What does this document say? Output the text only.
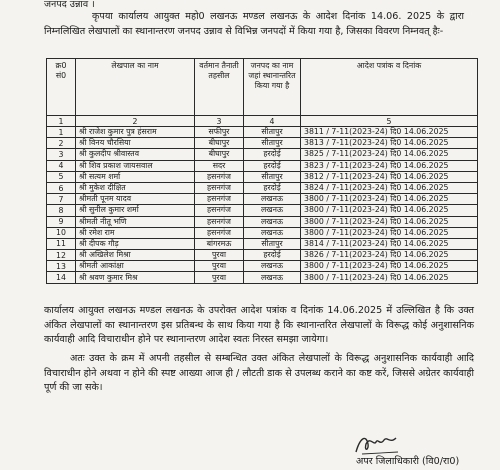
जनपद उन्नाव ।
कृपया कार्यालय आयुक्त महो0 लखनऊ मण्डल लखनऊ के आदेश दिनांक 14.06. 2025 के द्वारा निम्नलिखित लेखपालों का स्थानान्तरण जनपद उन्नाव से विभिन्न जनपदों में किया गया है, जिसका विवरण निम्नवत् हैः-
क्र0 सं0	लेखपाल का नाम	वर्तमान तैनाती तहसील	जनपद का नाम जहां स्थानान्तरित किया गया है	आदेश पत्रांक व दिनांक
1	2	3	4	5
1	श्री राजेश कुमार पुत्र हंसराम	सफीपुर	सीतापुर	3811 / 7-11(2023-24) दि0 14.06.2025
2	श्री विनय चौरसिया	बीघापुर	सीतापुर	3813 / 7-11(2023-24) दि0 14.06.2025
3	श्री कुलदीप श्रीवास्तव	बीघापुर	हरदोई	3825 / 7-11(2023-24) दि0 14.06.2025
4	श्री शिव प्रकाश जायसवाल	सदर	हरदोई	3823 / 7-11(2023-24) दि0 14.06.2025
5	श्री सत्यम शर्मा	हसनगंज	सीतापुर	3812 / 7-11(2023-24) दि0 14.06.2025
6	श्री मुकेश दीक्षित	हसनगंज	हरदोई	3824 / 7-11(2023-24) दि0 14.06.2025
7	श्रीमती पूनम यादव	हसनगंज	लखनऊ	3800 / 7-11(2023-24) दि0 14.06.2025
8	श्री सुनील कुमार शर्मा	हसनगंज	लखनऊ	3800 / 7-11(2023-24) दि0 14.06.2025
9	श्रीमती नीतू भणि	हसनगंज	लखनऊ	3800 / 7-11(2023-24) दि0 14.06.2025
10	श्री रमेश राम	हसनगंज	लखनऊ	3800 / 7-11(2023-24) दि0 14.06.2025
11	श्री दीपक गौड़	बांगरमऊ	सीतापुर	3814 / 7-11(2023-24) दि0 14.06.2025
12	श्री अखिलेश मिश्रा	पुरवा	हरदोई	3826 / 7-11(2023-24) दि0 14.06.2025
13	श्रीमती आकांक्षा	पुरवा	लखनऊ	3800 / 7-11(2023-24) दि0 14.06.2025
14	श्री श्रवण कुमार मिश्र	पुरवा	लखनऊ	3800 / 7-11(2023-24) दि0 14.06.2025
कार्यालय आयुक्त लखनऊ मण्डल लखनऊ के उपरोक्त आदेश पत्रांक व दिनांक 14.06.2025 में उल्लिखित है कि उक्त अंकित लेखपालों का स्थानान्तरण इस प्रतिबन्ध के साथ किया गया है कि स्थानान्तरित लेखपालों के विरूद्ध कोई अनुशासनिक कार्यवाही आदि विचाराधीन होने पर स्थानान्तरण आदेश स्वतः निरस्त समझा जायेगा।
अतः उक्त के क्रम में अपनी तहसील से सम्बन्धित उक्त अंकित लेखपालों के विरूद्ध अनुशासनिक कार्यवाही आदि विचाराधीन होने अथवा न होने की स्पष्ट आख्या आज ही / लौटती डाक से उपलब्ध कराने का कष्ट करें, जिससे अग्रेतर कार्यवाही पूर्ण की जा सके।
अपर जिलाधिकारी (वि0/रा0)
